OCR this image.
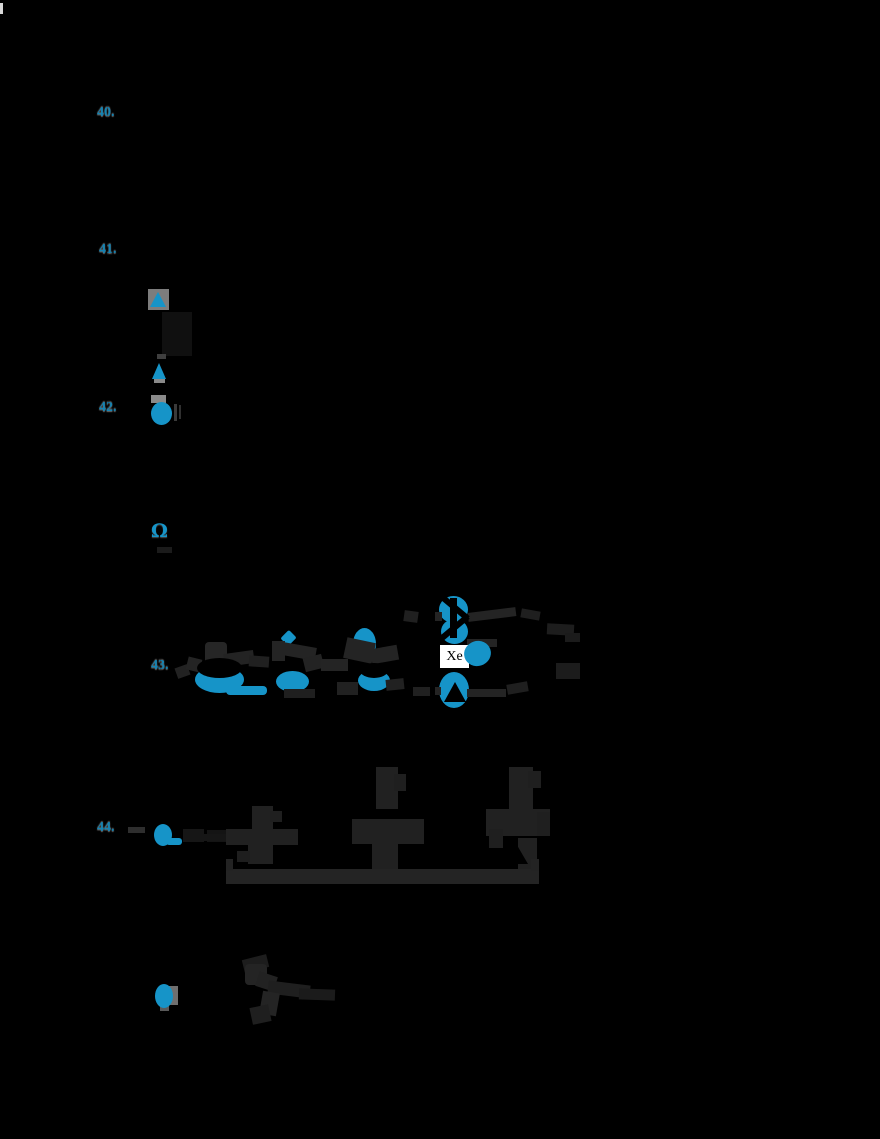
40.
41.
42.
43.
44.
Ω
Xe
